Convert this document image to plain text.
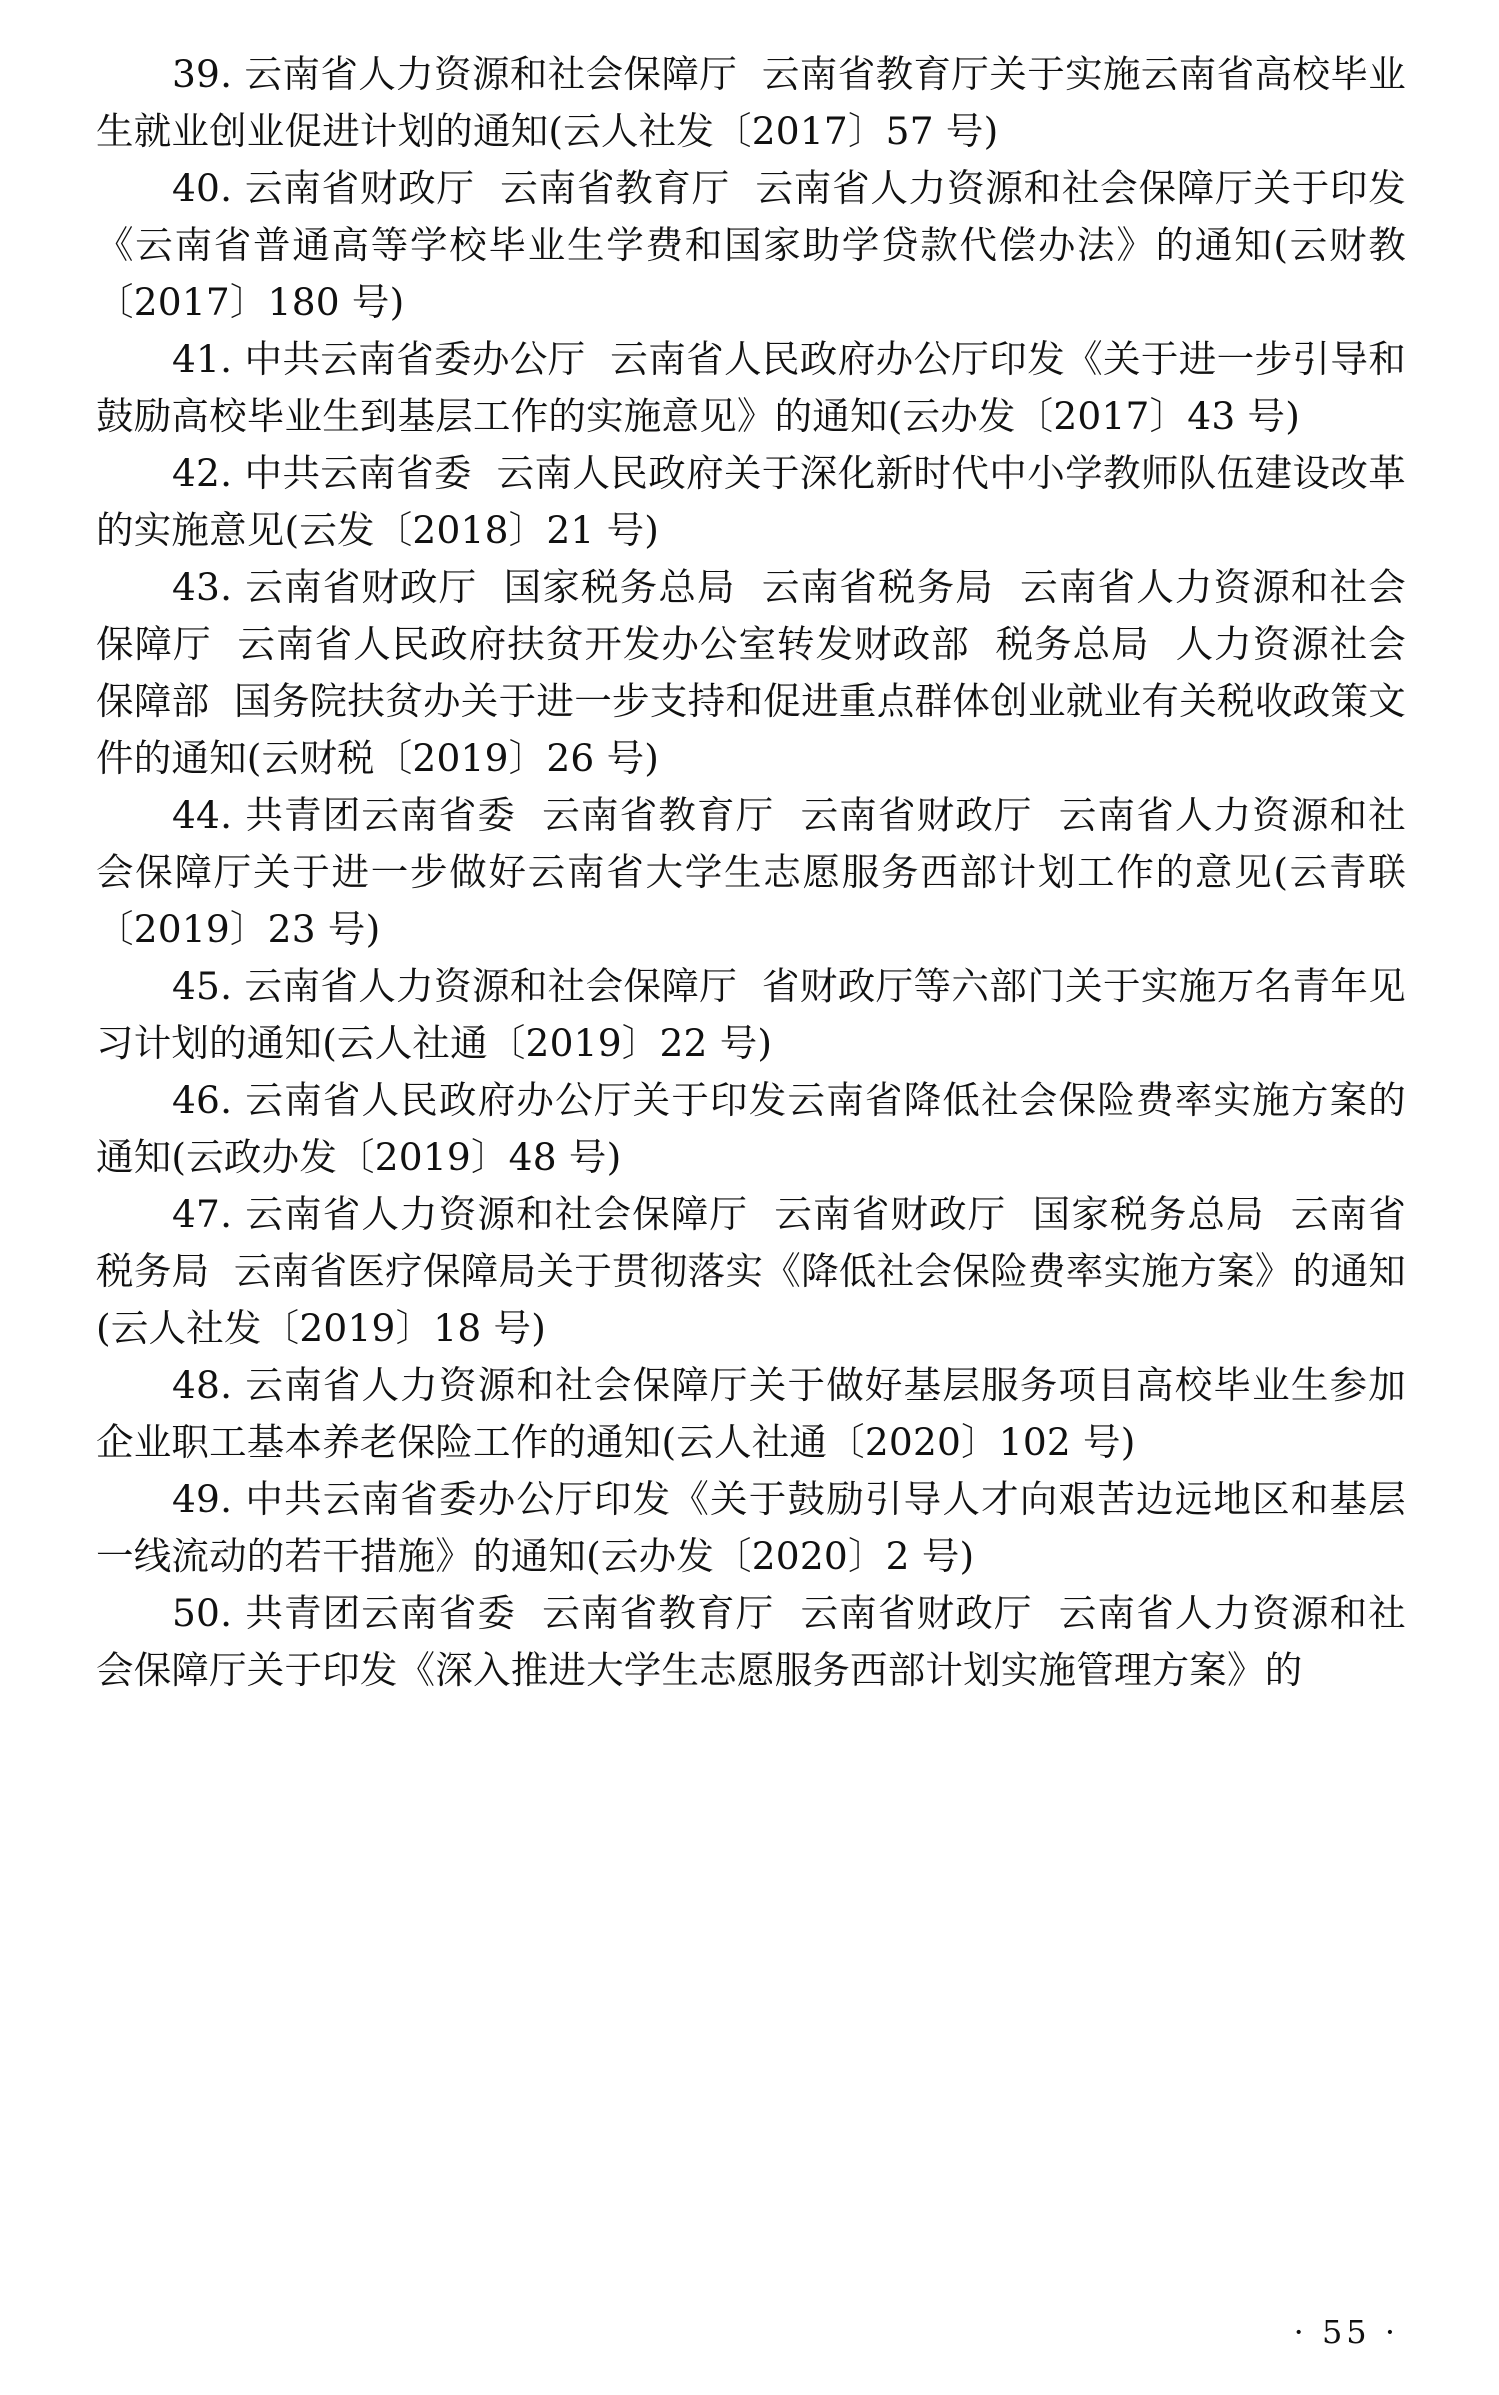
39. 云南省人力资源和社会保障厅  云南省教育厅关于实施云南省高校毕业生就业创业促进计划的通知(云人社发〔2017〕57 号)

40. 云南省财政厅  云南省教育厅  云南省人力资源和社会保障厅关于印发《云南省普通高等学校毕业生学费和国家助学贷款代偿办法》的通知(云财教〔2017〕180 号)

41. 中共云南省委办公厅  云南省人民政府办公厅印发《关于进一步引导和鼓励高校毕业生到基层工作的实施意见》的通知(云办发〔2017〕43 号)

42. 中共云南省委  云南人民政府关于深化新时代中小学教师队伍建设改革的实施意见(云发〔2018〕21 号)

43. 云南省财政厅  国家税务总局  云南省税务局  云南省人力资源和社会保障厅  云南省人民政府扶贫开发办公室转发财政部  税务总局  人力资源社会保障部  国务院扶贫办关于进一步支持和促进重点群体创业就业有关税收政策文件的通知(云财税〔2019〕26 号)

44. 共青团云南省委  云南省教育厅  云南省财政厅  云南省人力资源和社会保障厅关于进一步做好云南省大学生志愿服务西部计划工作的意见(云青联〔2019〕23 号)

45. 云南省人力资源和社会保障厅  省财政厅等六部门关于实施万名青年见习计划的通知(云人社通〔2019〕22 号)

46. 云南省人民政府办公厅关于印发云南省降低社会保险费率实施方案的通知(云政办发〔2019〕48 号)

47. 云南省人力资源和社会保障厅  云南省财政厅  国家税务总局  云南省税务局  云南省医疗保障局关于贯彻落实《降低社会保险费率实施方案》的通知(云人社发〔2019〕18 号)

48. 云南省人力资源和社会保障厅关于做好基层服务项目高校毕业生参加企业职工基本养老保险工作的通知(云人社通〔2020〕102 号)

49. 中共云南省委办公厅印发《关于鼓励引导人才向艰苦边远地区和基层一线流动的若干措施》的通知(云办发〔2020〕2 号)

50. 共青团云南省委  云南省教育厅  云南省财政厅  云南省人力资源和社会保障厅关于印发《深入推进大学生志愿服务西部计划实施管理方案》的

· 55 ·
